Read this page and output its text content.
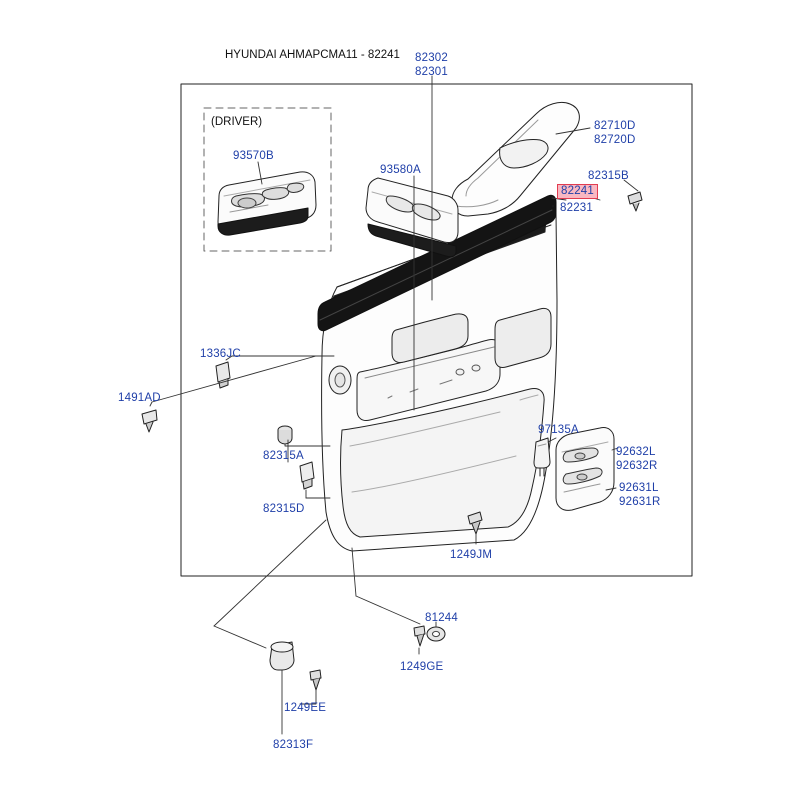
HYUNDAI AHMAPCMA11 - 82241
(DRIVER)
82302
82301
93570B
93580A
82710D
82720D
82315B
82231
1336JC
1491AD
82315A
82315D
97135A
92632L
92632R
92631L
92631R
1249JM
81244
1249GE
1249EE
82313F
82241
